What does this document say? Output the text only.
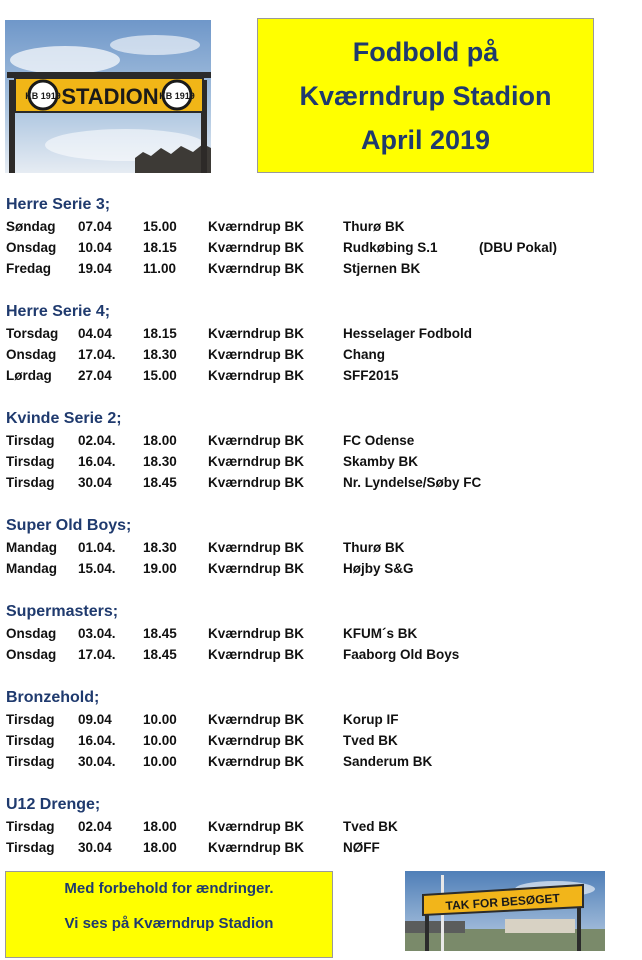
KB 1919	KB 1919
STADION
Fodbold på
Kværndrup Stadion
April 2019
Herre Serie 3;
Søndag 07.04 15.00 Kværndrup BK	Thurø BK
Onsdag 10.04 18.15 Kværndrup BK	Rudkøbing S.1	(DBU Pokal)
Fredag 19.04 11.00 Kværndrup BK	Stjernen BK
Herre Serie 4;
Torsdag 04.04 18.15 Kværndrup BK	Hesselager Fodbold
Onsdag 17.04. 18.30 Kværndrup BK	Chang
Lørdag 27.04 15.00 Kværndrup BK	SFF2015
Kvinde Serie 2;
Tirsdag 02.04. 18.00 Kværndrup BK	FC Odense
Tirsdag 16.04. 18.30 Kværndrup BK	Skamby BK
Tirsdag 30.04 18.45 Kværndrup BK	Nr. Lyndelse/Søby FC
Super Old Boys;
Mandag 01.04. 18.30 Kværndrup BK	Thurø BK
Mandag 15.04. 19.00 Kværndrup BK	Højby S&G
Supermasters;
Onsdag 03.04. 18.45 Kværndrup BK	KFUM´s BK
Onsdag 17.04. 18.45 Kværndrup BK	Faaborg Old Boys
Bronzehold;
Tirsdag 09.04 10.00 Kværndrup BK	Korup IF
Tirsdag 16.04. 10.00 Kværndrup BK	Tved BK
Tirsdag 30.04. 10.00 Kværndrup BK	Sanderum BK
U12 Drenge;
Tirsdag 02.04 18.00 Kværndrup BK	Tved BK
Tirsdag 30.04 18.00 Kværndrup BK	NØFF
Med forbehold for ændringer.
Vi ses på Kværndrup Stadion
TAK FOR BESØGET
